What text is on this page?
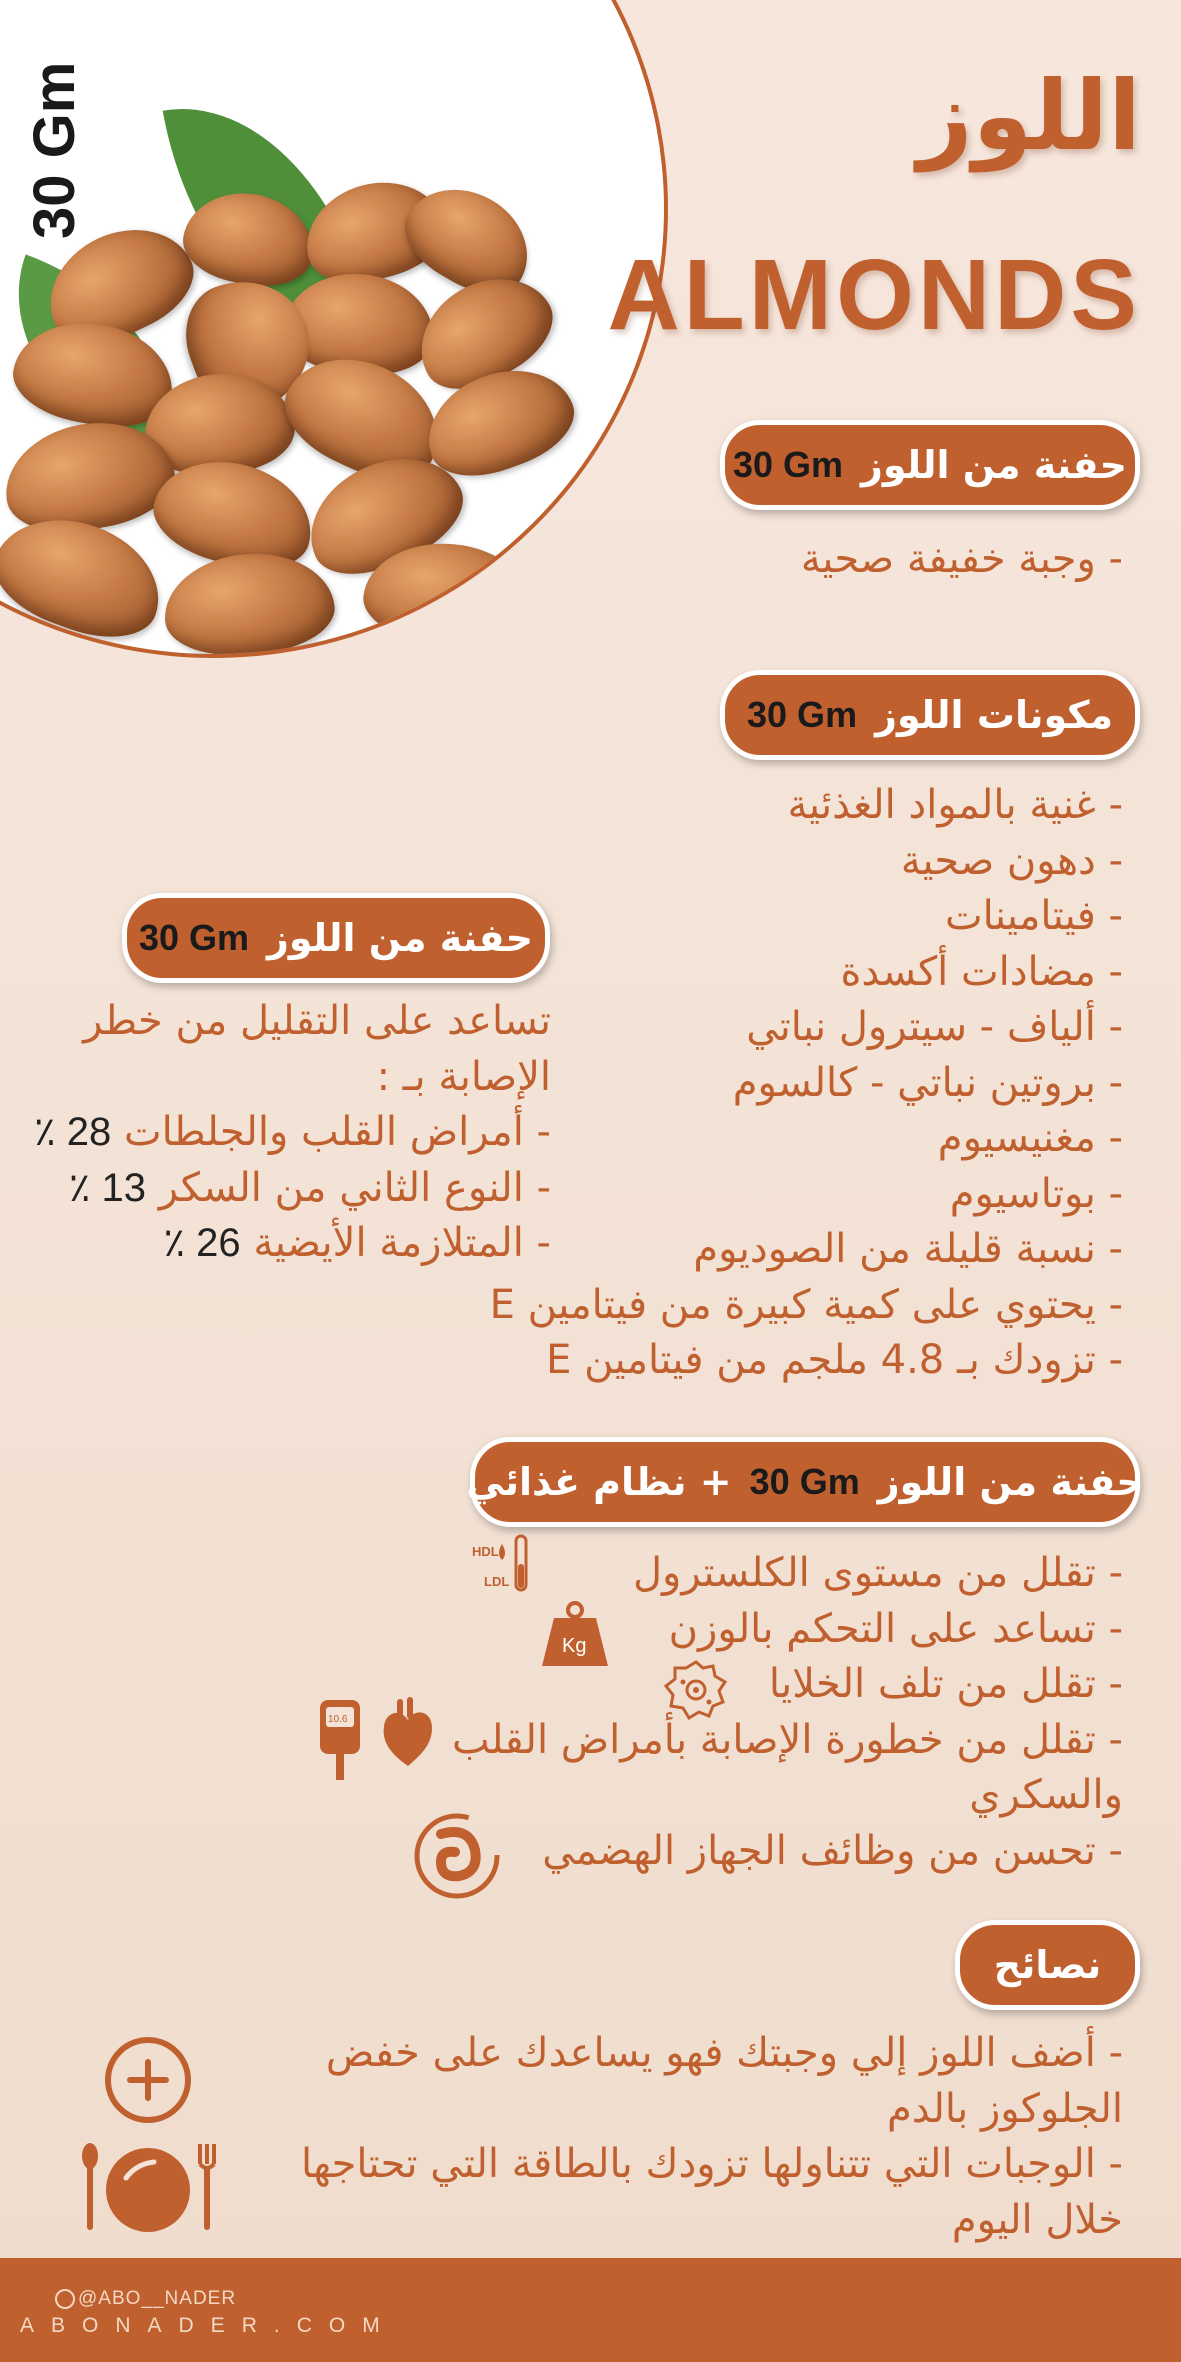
30 Gm	اللوز
ALMONDS
حفنة من اللوز
30 Gm
- وجبة خفيفة صحية
مكونات اللوز
30 Gm
- غنية بالمواد الغذئية
- دهون صحية
- فيتامينات
- مضادات أكسدة
- ألياف - سيترول نباتي
- بروتين نباتي - كالسوم
- مغنيسيوم
- بوتاسيوم
- نسبة قليلة من الصوديوم
- يحتوي على كمية كبيرة من فيتامين E
- تزودك بـ 4.8 ملجم من فيتامين E
حفنة من اللوز
30 Gm
تساعد على التقليل من خطر
الإصابة بـ :
- أمراض القلب والجلطات 28 ٪
- النوع الثاني من السكر 13 ٪
- المتلازمة الأيضية 26 ٪
حفنة من اللوز
30 Gm
+ نظام غذائي
- تقلل من مستوى الكلسترول
- تساعد على التحكم بالوزن
- تقلل من تلف الخلايا
- تقلل من خطورة الإصابة بأمراض القلب
والسكري
- تحسن من وظائف الجهاز الهضمي
HDL
LDL
Kg
10.6
نصائح
- أضف اللوز إلي وجبتك فهو يساعدك على خفض
الجلوكوز بالدم
- الوجبات التي تتناولها تزودك بالطاقة التي تحتاجها
خلال اليوم
@ABO__NADER
ABONADER.COM
